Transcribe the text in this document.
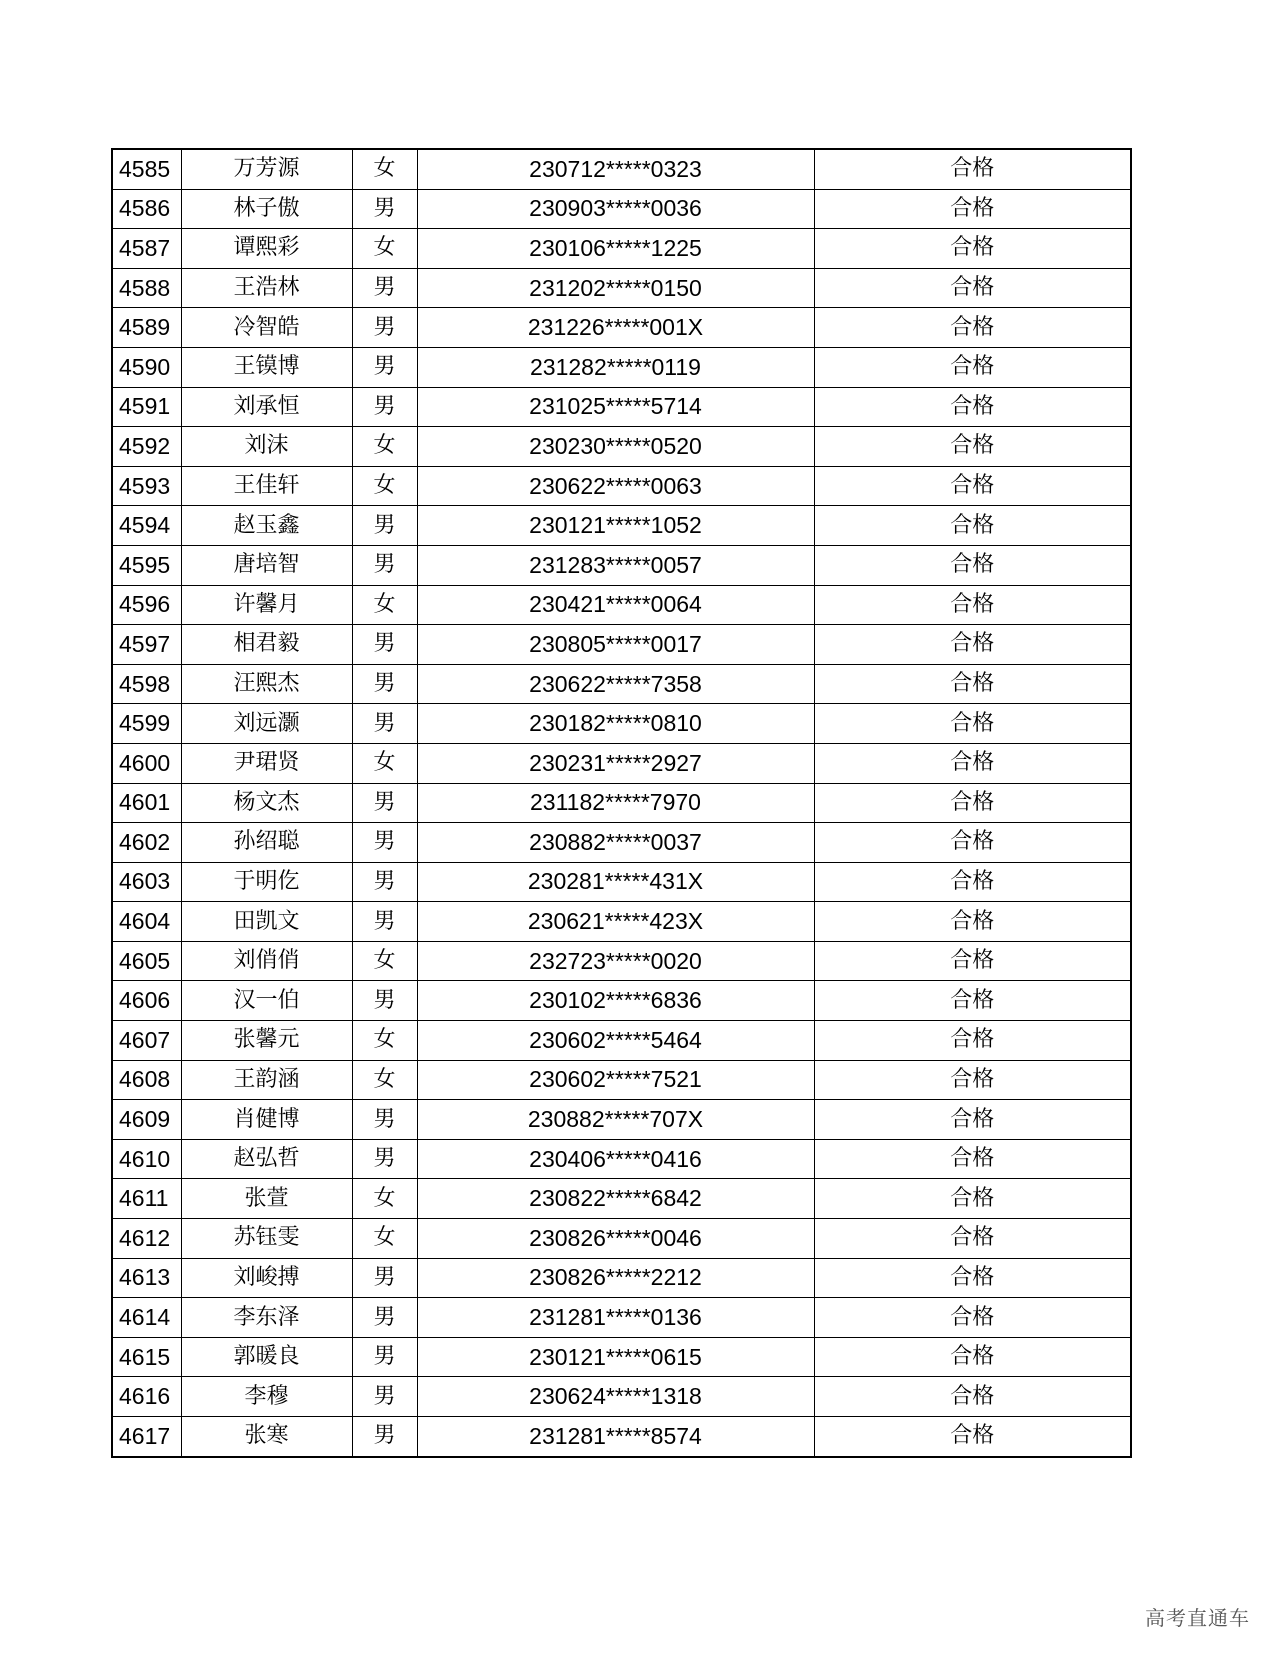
4585	万芳源	女	230712*****0323	合格
4586	林子傲	男	230903*****0036	合格
4587	谭熙彩	女	230106*****1225	合格
4588	王浩林	男	231202*****0150	合格
4589	冷智皓	男	231226*****001X	合格
4590	王镆博	男	231282*****0119	合格
4591	刘承恒	男	231025*****5714	合格
4592	刘沫	女	230230*****0520	合格
4593	王佳轩	女	230622*****0063	合格
4594	赵玉鑫	男	230121*****1052	合格
4595	唐培智	男	231283*****0057	合格
4596	许馨月	女	230421*****0064	合格
4597	相君毅	男	230805*****0017	合格
4598	汪熙杰	男	230622*****7358	合格
4599	刘远灏	男	230182*****0810	合格
4600	尹珺贤	女	230231*****2927	合格
4601	杨文杰	男	231182*****7970	合格
4602	孙绍聪	男	230882*****0037	合格
4603	于明仡	男	230281*****431X	合格
4604	田凯文	男	230621*****423X	合格
4605	刘俏俏	女	232723*****0020	合格
4606	汉一伯	男	230102*****6836	合格
4607	张馨元	女	230602*****5464	合格
4608	王韵涵	女	230602*****7521	合格
4609	肖健博	男	230882*****707X	合格
4610	赵弘哲	男	230406*****0416	合格
4611	张萱	女	230822*****6842	合格
4612	苏钰雯	女	230826*****0046	合格
4613	刘峻搏	男	230826*****2212	合格
4614	李东泽	男	231281*****0136	合格
4615	郭暖良	男	230121*****0615	合格
4616	李穆	男	230624*****1318	合格
4617	张寒	男	231281*****8574	合格
高考直通车
